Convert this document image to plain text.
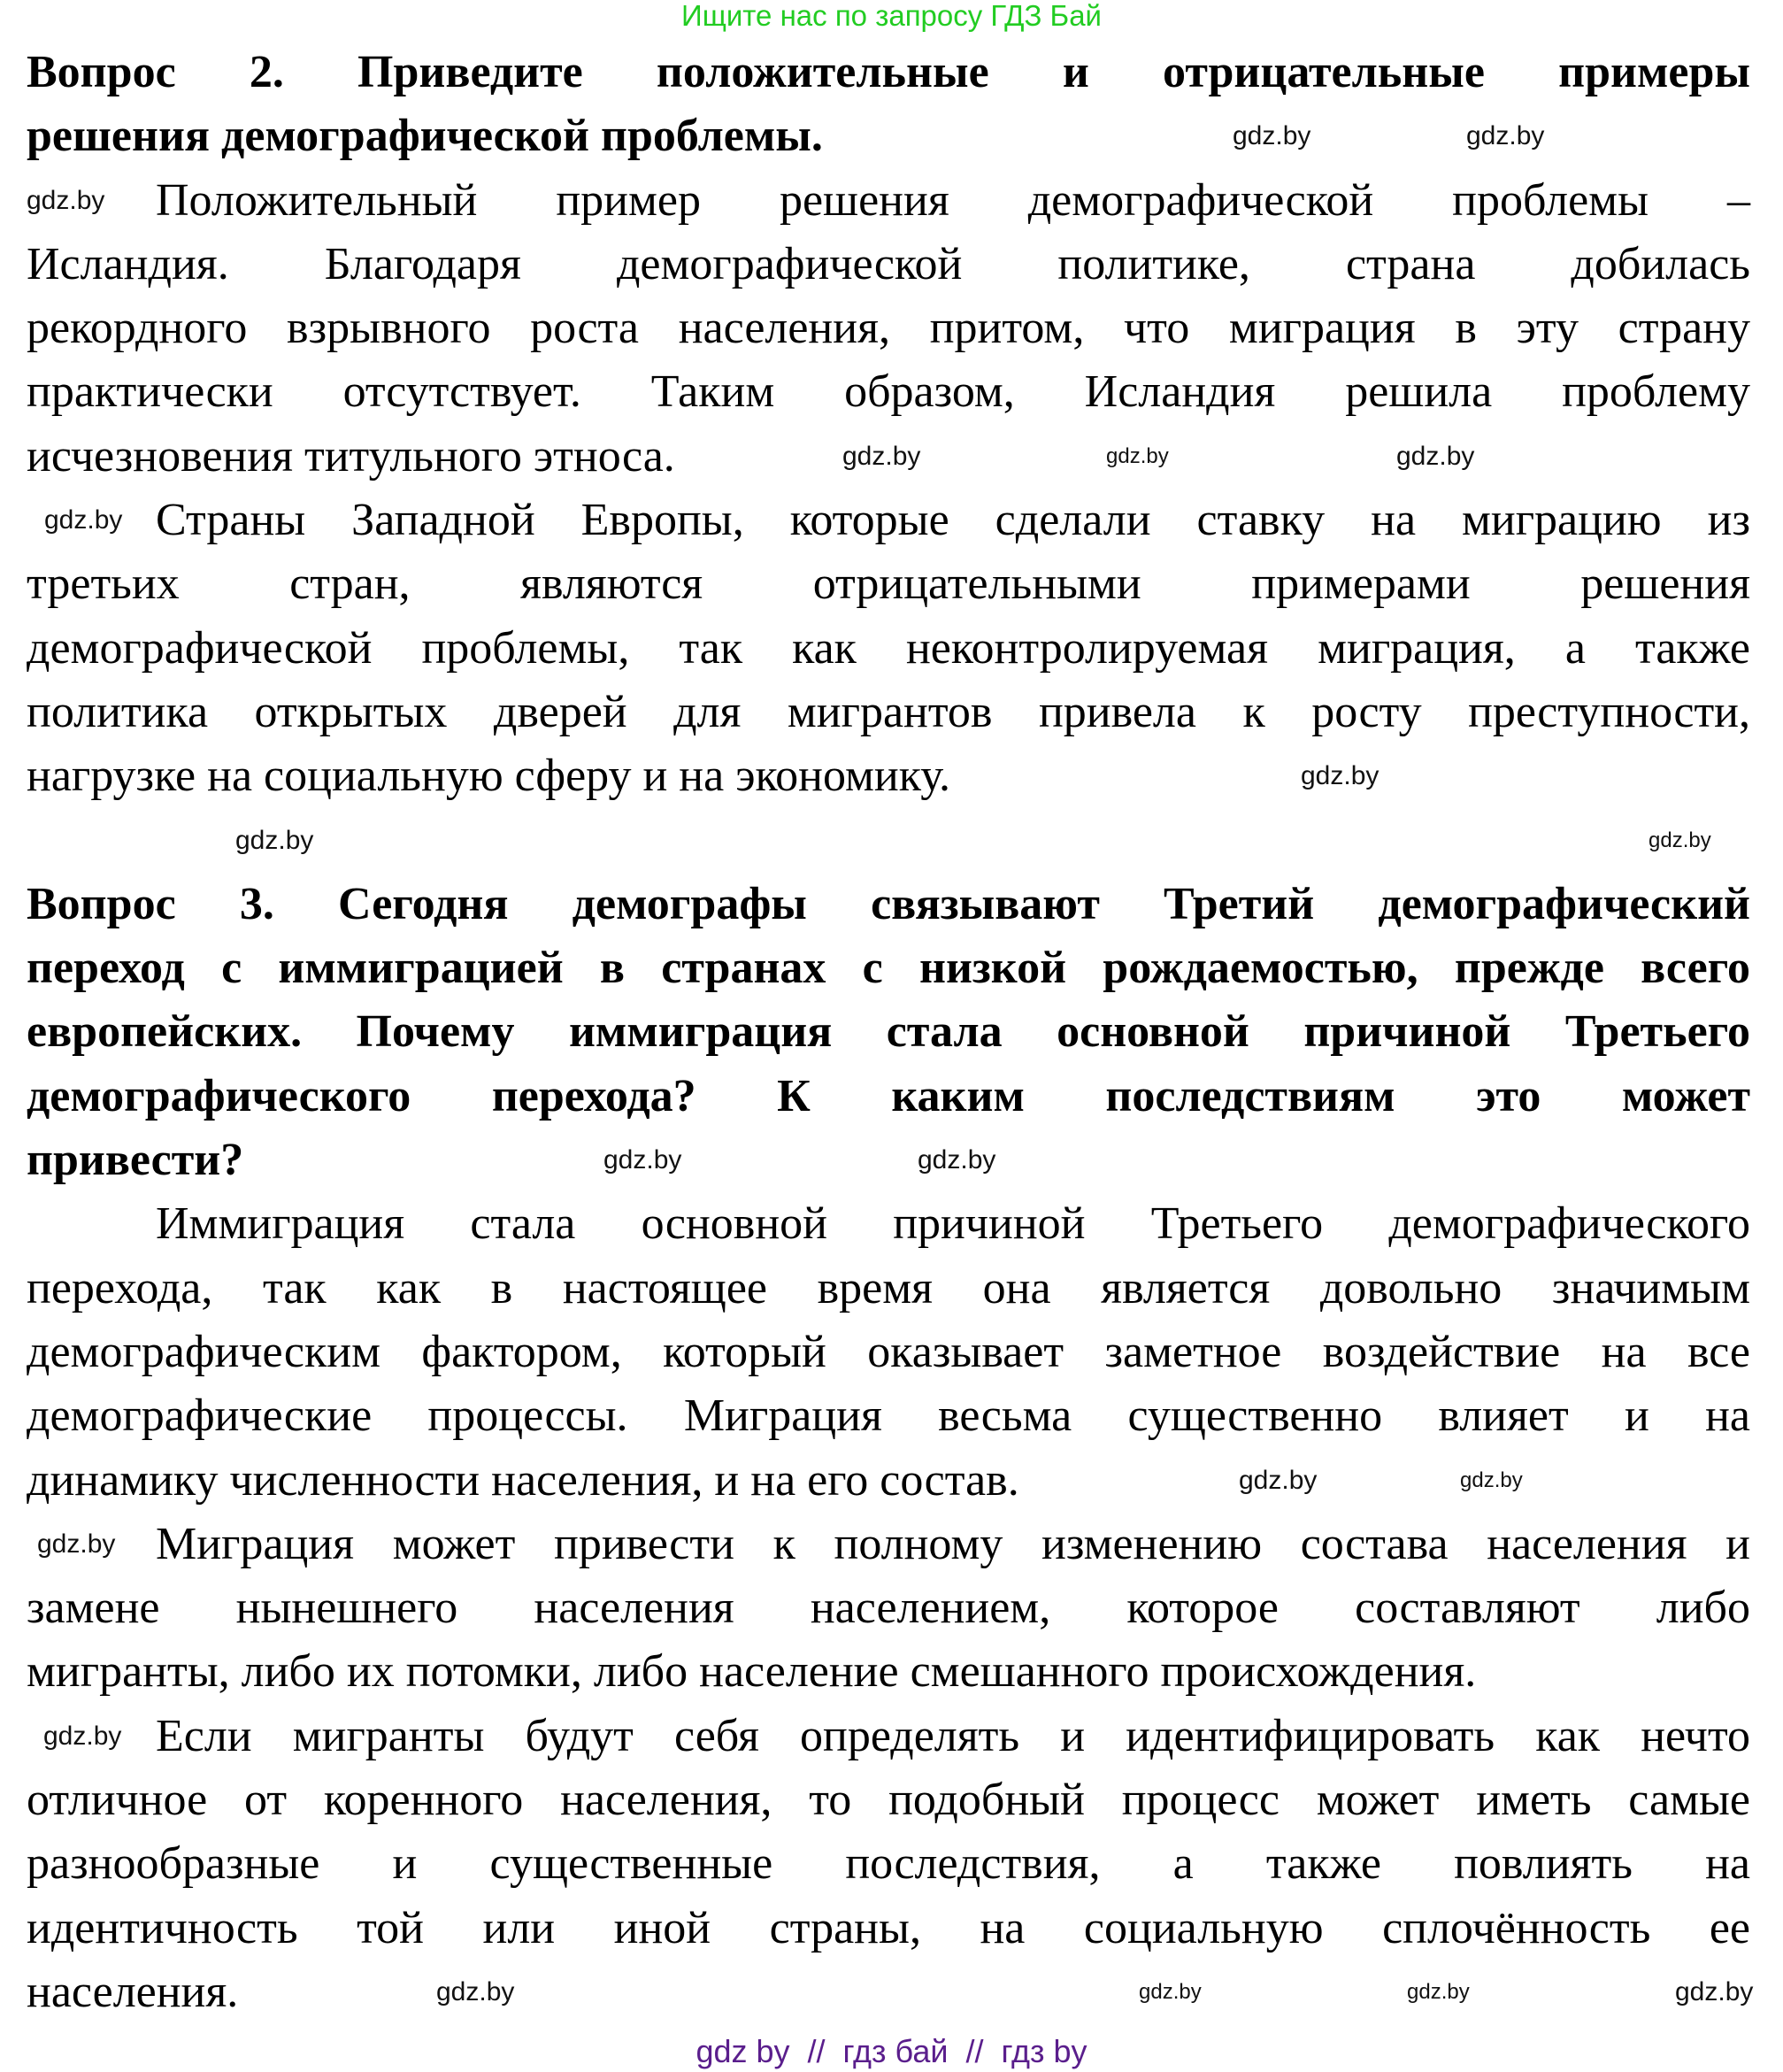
Ищите нас по запросу ГДЗ Бай
Вопрос 2. Приведите положительные и отрицательные примеры
решения демографической проблемы.
Положительный пример решения демографической проблемы –
Исландия. Благодаря демографической политике, страна добилась
рекордного взрывного роста населения, притом, что миграция в эту страну
практически отсутствует. Таким образом, Исландия решила проблему
исчезновения титульного этноса.
Страны Западной Европы, которые сделали ставку на миграцию из
третьих стран, являются отрицательными примерами решения
демографической проблемы, так как неконтролируемая миграция, а также
политика открытых дверей для мигрантов привела к росту преступности,
нагрузке на социальную сферу и на экономику.
Вопрос 3. Сегодня демографы связывают Третий демографический
переход с иммиграцией в странах с низкой рождаемостью, прежде всего
европейских. Почему иммиграция стала основной причиной Третьего
демографического перехода? К каким последствиям это может
привести?
Иммиграция стала основной причиной Третьего демографического
перехода, так как в настоящее время она является довольно значимым
демографическим фактором, который оказывает заметное воздействие на все
демографические процессы. Миграция весьма существенно влияет и на
динамику численности населения, и на его состав.
Миграция может привести к полному изменению состава населения и
замене нынешнего населения населением, которое составляют либо
мигранты, либо их потомки, либо население смешанного происхождения.
Если мигранты будут себя определять и идентифицировать как нечто
отличное от коренного населения, то подобный процесс может иметь самые
разнообразные и существенные последствия, а также повлиять на
идентичность той или иной страны, на социальную сплочённость ее
населения.
gdz.by
gdz.by
gdz.by
gdz.by	gdz.by	gdz.by
gdz.by
gdz.by
gdz.by	gdz.by
gdz.by	gdz.by
gdz.by	gdz.by
gdz.by
gdz.by
gdz.by	gdz.by	gdz.by	gdz.by
gdz by  //  гдз бай  //  гдз by
